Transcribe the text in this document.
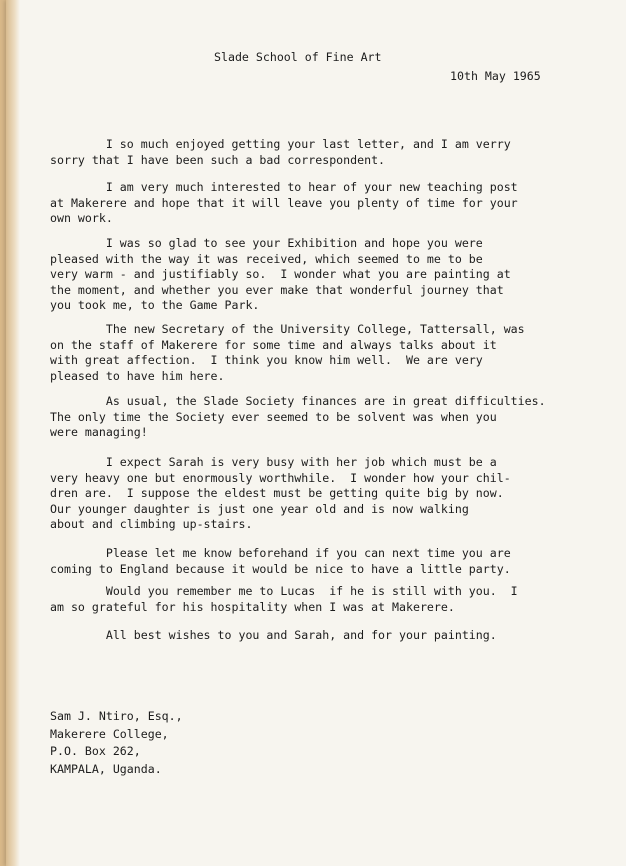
Slade School of Fine Art
10th May 1965
I so much enjoyed getting your last letter, and I am verry
sorry that I have been such a bad correspondent.
I am very much interested to hear of your new teaching post
at Makerere and hope that it will leave you plenty of time for your
own work.
I was so glad to see your Exhibition and hope you were
pleased with the way it was received, which seemed to me to be
very warm - and justifiably so.  I wonder what you are painting at
the moment, and whether you ever make that wonderful journey that
you took me, to the Game Park.
The new Secretary of the University College, Tattersall, was
on the staff of Makerere for some time and always talks about it
with great affection.  I think you know him well.  We are very
pleased to have him here.
As usual, the Slade Society finances are in great difficulties.
The only time the Society ever seemed to be solvent was when you
were managing!
I expect Sarah is very busy with her job which must be a
very heavy one but enormously worthwhile.  I wonder how your chil-
dren are.  I suppose the eldest must be getting quite big by now.
Our younger daughter is just one year old and is now walking
about and climbing up-stairs.
Please let me know beforehand if you can next time you are
coming to England because it would be nice to have a little party.
Would you remember me to Lucas  if he is still with you.  I
am so grateful for his hospitality when I was at Makerere.
All best wishes to you and Sarah, and for your painting.
Sam J. Ntiro, Esq.,
Makerere College,
P.O. Box 262,
KAMPALA, Uganda.
